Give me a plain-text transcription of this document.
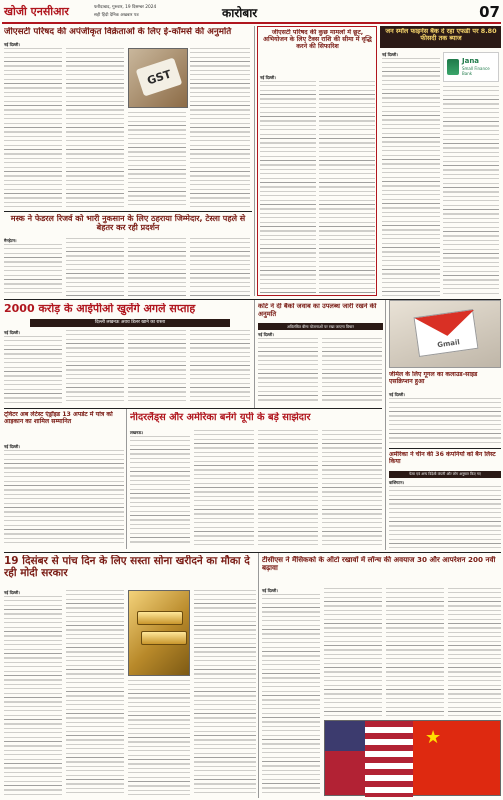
खोजी एनसीआर	फरीदाबाद, गुरुवार, 19 दिसम्बर 2024
सही हिंदी दैनिक अखबार पत्र	कारोबार	07
जीएसटी परिषद की अपंजीकृत विक्रेताओं के लिए ई-कॉमर्स की अनुमति
नई दिल्ली।
GST
जीएसटी परिषद की कुछ मामलों में छूट, अभियोजन के लिए टैक्स राशि की सीमा में वृद्धि करने की सिफारिश
नई दिल्ली।
जन स्मॉल फाइनेंस बैंक दे रहा एफडी पर 8.80 फीसदी तक ब्याज
नई दिल्ली।
Jana
Small Finance Bank
मस्क ने फेडरल रिजर्व को भारी नुकसान के लिए ठहराया जिम्मेदार, टेस्ला पहले से बेहतर कर रही प्रदर्शन
मैनहेटन।
2000 करोड़ के आईपीओ खुलेंगे अगले सप्ताह
दिल्ली लखनऊ अवध डिलर खाने का रास्ता
नई दिल्ली।
कोर्ट ने दी बैंकों जवाब का उपलब्ध जारी रखने की अनुमति
अविलंबित बीमा योजनाओं पर रखा जाएगा विचार
नई दिल्ली।
Gmail
जीमेल के लिए गूगल का कलाउड-साइड एसक्रिप्शन हुआ
नई दिल्ली।
ट्विटर अब लेटेस्ट एंड्रॉइड 13 अपडेट में यांत्र को आइकान का शामिल सम्मानित
नई दिल्ली।
नीदरलैंड्स और अमेरिका बनेंगे यूपी के बड़े साझेदार
लखनऊ।
अमेरिका ने चीन की 36 कंपनियों को बैन लिस्ट किया
फेमा एवं अन्य विदेशी कंपनी और लोग अनुसार किए गए
वाशिंगटन।
19 दिसंबर से पांच दिन के लिए सस्ता सोना खरीदने का मौका दे रही मोदी सरकार
नई दिल्ली।
टीसीएस ने मैंसिकको के ऑटो रखावों में लॉन्च की अवयाज 30 और आपरेशन 200 नवी बढ़ावा
नई दिल्ली।
★
